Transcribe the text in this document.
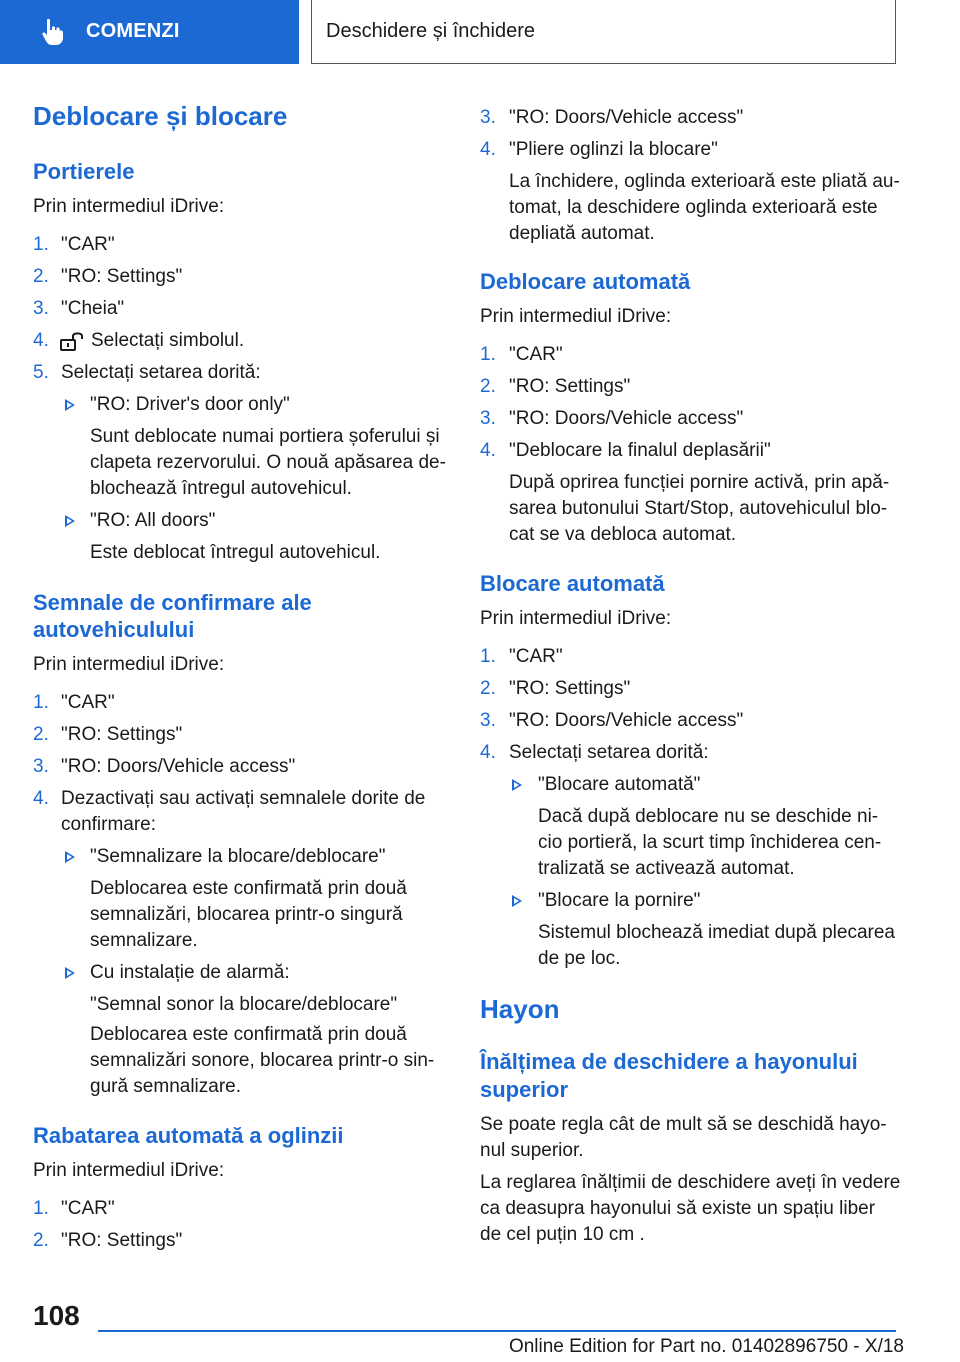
COMENZI	Deschidere și închidere
Deblocare și blocare
Portierele
Prin intermediul iDrive:
1. "CAR"
2. "RO: Settings"
3. "Cheia"
4. Selectați simbolul.
5. Selectați setarea dorită:
"RO: Driver's door only"
Sunt deblocate numai portiera șoferului și
clapeta rezervorului. O nouă apăsarea de-
blochează întregul autovehicul.
"RO: All doors"
Este deblocat întregul autovehicul.
Semnale de confirmare ale
autovehiculului
Prin intermediul iDrive:
1. "CAR"
2. "RO: Settings"
3. "RO: Doors/Vehicle access"
4. Dezactivați sau activați semnalele dorite de
confirmare:
"Semnalizare la blocare/deblocare"
Deblocarea este confirmată prin două
semnalizări, blocarea printr-o singură
semnalizare.
Cu instalație de alarmă:
"Semnal sonor la blocare/deblocare"
Deblocarea este confirmată prin două
semnalizări sonore, blocarea printr-o sin-
gură semnalizare.
Rabatarea automată a oglinzii
Prin intermediul iDrive:
1. "CAR"
2. "RO: Settings"
3. "RO: Doors/Vehicle access"
4. "Pliere oglinzi la blocare"
La închidere, oglinda exterioară este pliată au-
tomat, la deschidere oglinda exterioară este
depliată automat.
Deblocare automată
Prin intermediul iDrive:
1. "CAR"
2. "RO: Settings"
3. "RO: Doors/Vehicle access"
4. "Deblocare la finalul deplasării"
După oprirea funcției pornire activă, prin apă-
sarea butonului Start/Stop, autovehiculul blo-
cat se va debloca automat.
Blocare automată
Prin intermediul iDrive:
1. "CAR"
2. "RO: Settings"
3. "RO: Doors/Vehicle access"
4. Selectați setarea dorită:
"Blocare automată"
Dacă după deblocare nu se deschide ni-
cio portieră, la scurt timp închiderea cen-
tralizată se activează automat.
"Blocare la pornire"
Sistemul blochează imediat după plecarea
de pe loc.
Hayon
Înălțimea de deschidere a hayonului
superior
Se poate regla cât de mult să se deschidă hayo-
nul superior.
La reglarea înălțimii de deschidere aveți în vedere
ca deasupra hayonului să existe un spațiu liber
de cel puțin 10 cm .
108
Online Edition for Part no. 01402896750 - X/18
